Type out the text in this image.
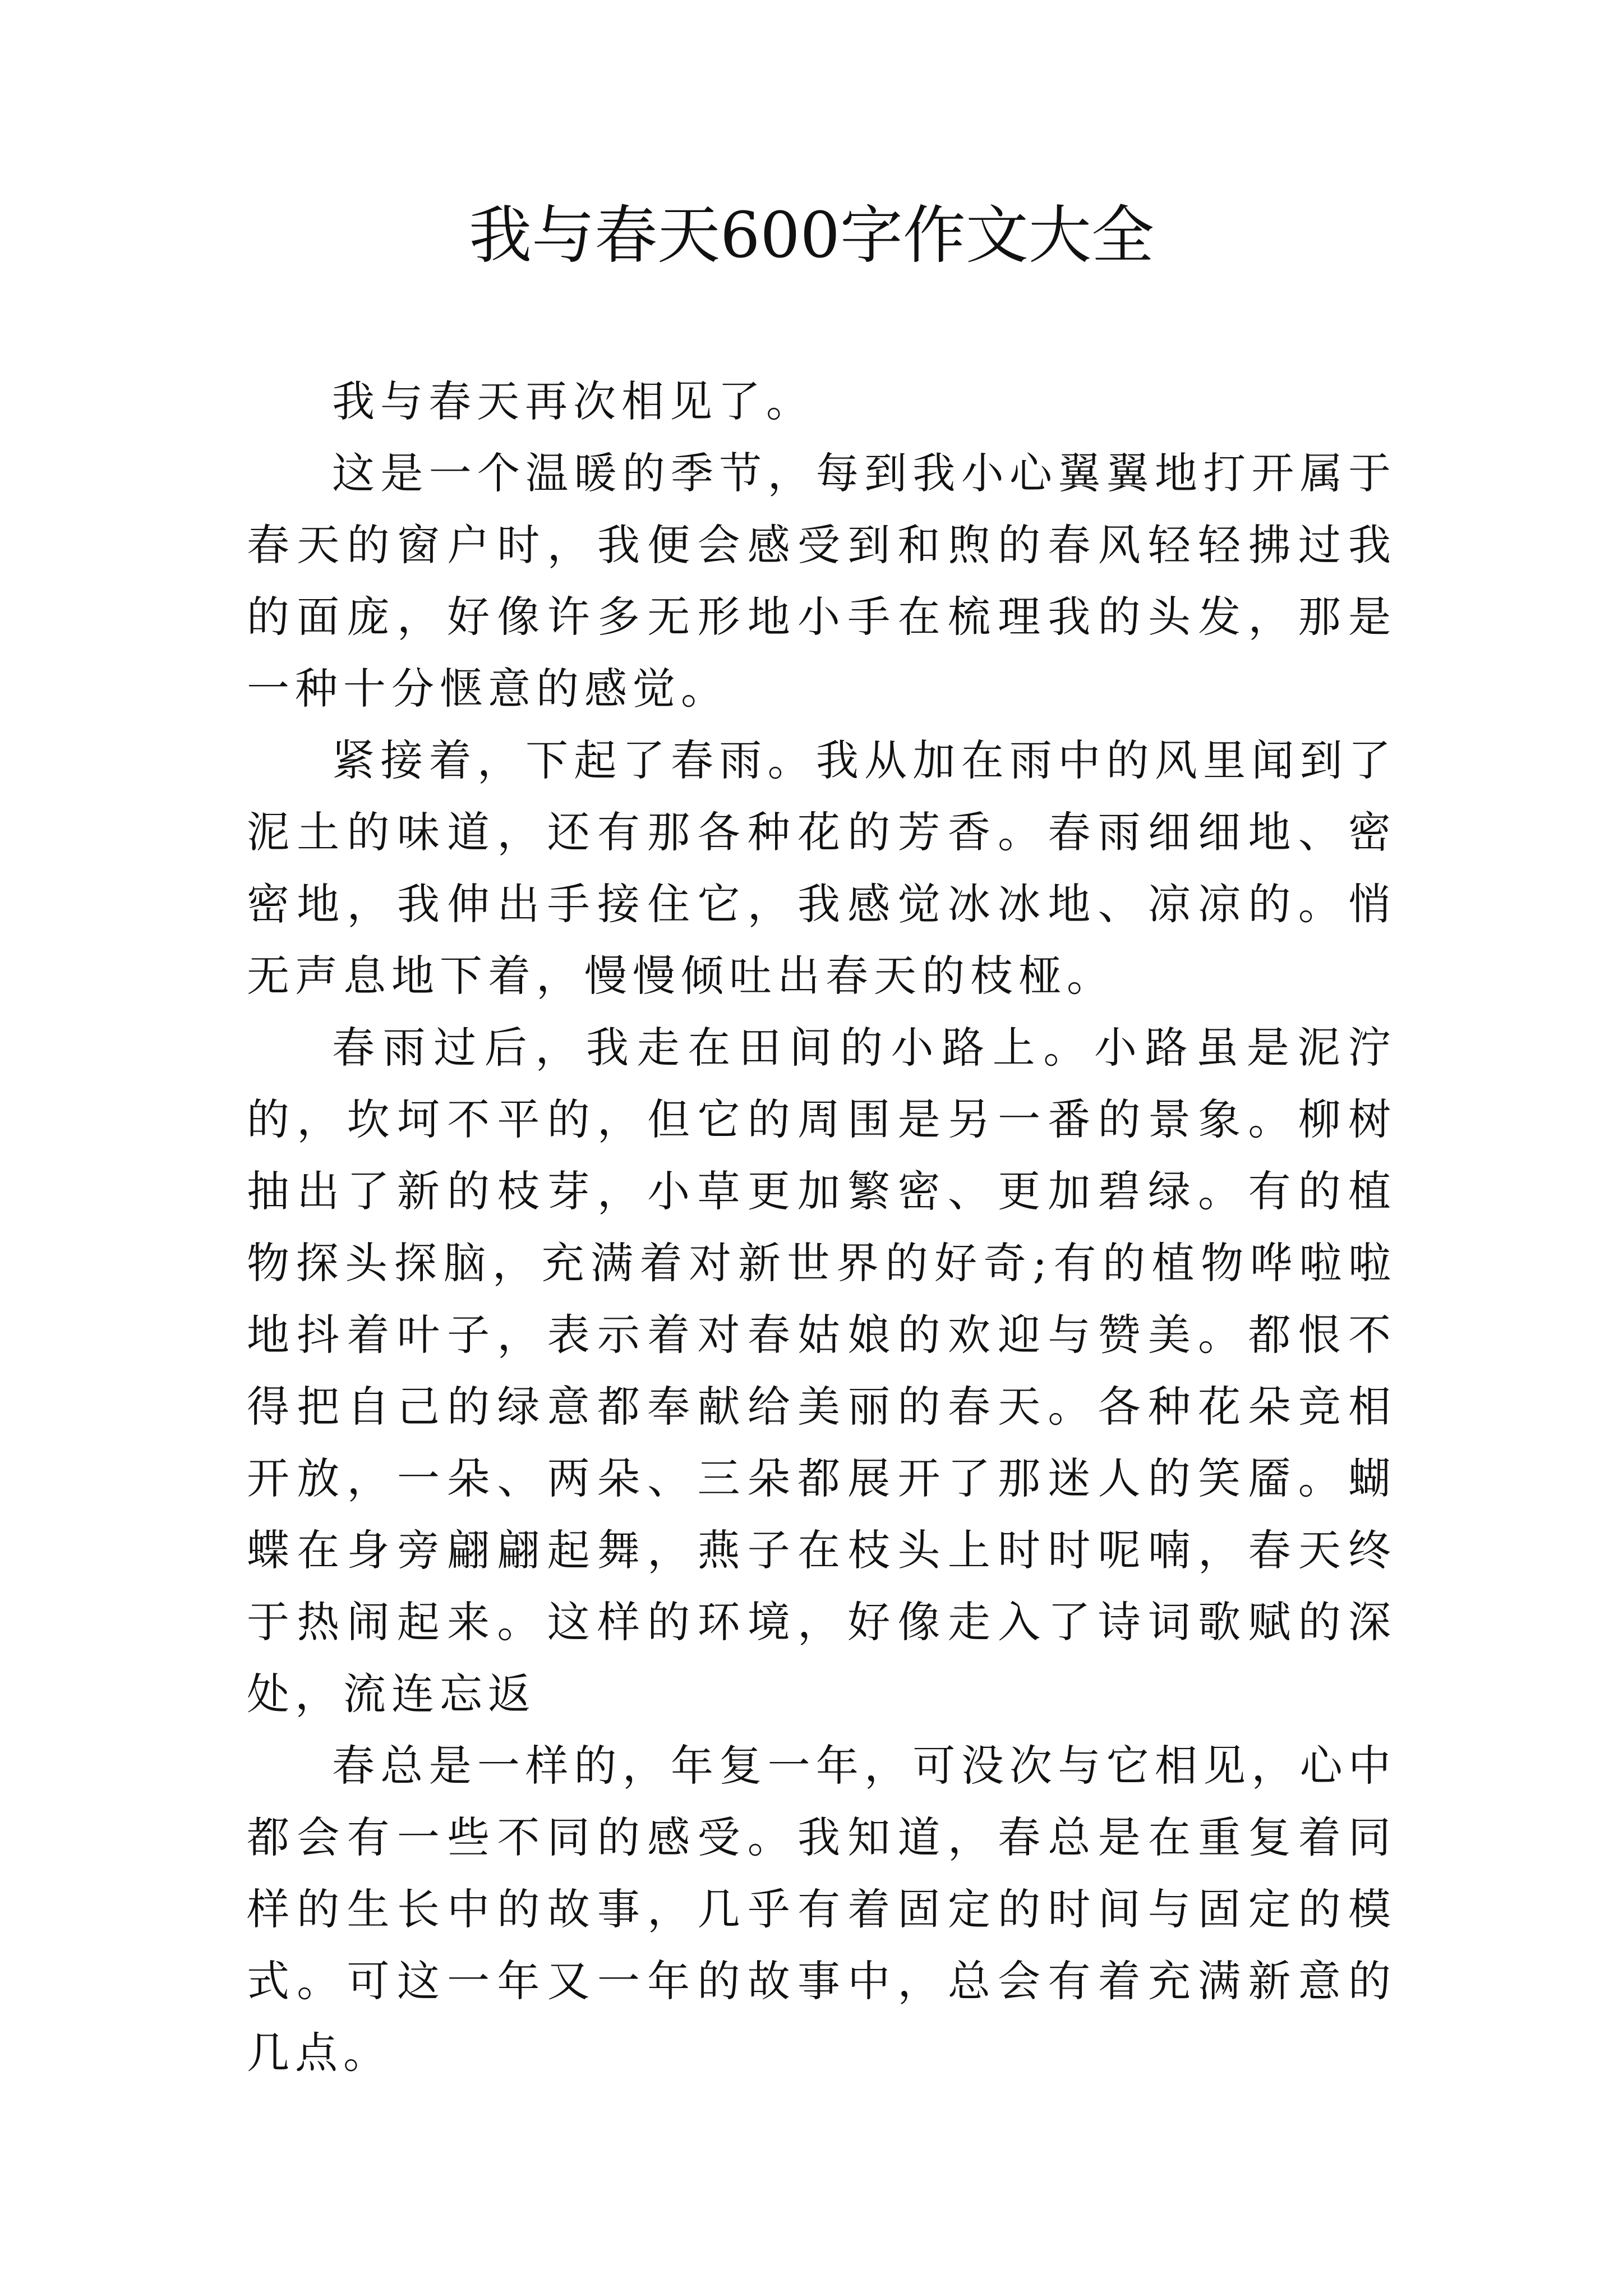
我与春天600字作文大全

我与春天再次相见了。

这是一个温暖的季节，每到我小心翼翼地打开属于春天的窗户时，我便会感受到和煦的春风轻轻拂过我的面庞，好像许多无形地小手在梳理我的头发，那是一种十分惬意的感觉。

紧接着，下起了春雨。我从加在雨中的风里闻到了泥土的味道，还有那各种花的芳香。春雨细细地、密密地，我伸出手接住它，我感觉冰冰地、凉凉的。悄无声息地下着，慢慢倾吐出春天的枝桠。

春雨过后，我走在田间的小路上。小路虽是泥泞的，坎坷不平的，但它的周围是另一番的景象。柳树抽出了新的枝芽，小草更加繁密、更加碧绿。有的植物探头探脑，充满着对新世界的好奇;有的植物哗啦啦地抖着叶子，表示着对春姑娘的欢迎与赞美。都恨不得把自己的绿意都奉献给美丽的春天。各种花朵竞相开放，一朵、两朵、三朵都展开了那迷人的笑靥。蝴蝶在身旁翩翩起舞，燕子在枝头上时时呢喃，春天终于热闹起来。这样的环境，好像走入了诗词歌赋的深处，流连忘返

春总是一样的，年复一年，可没次与它相见，心中都会有一些不同的感受。我知道，春总是在重复着同样的生长中的故事，几乎有着固定的时间与固定的模式。可这一年又一年的故事中，总会有着充满新意的几点。
